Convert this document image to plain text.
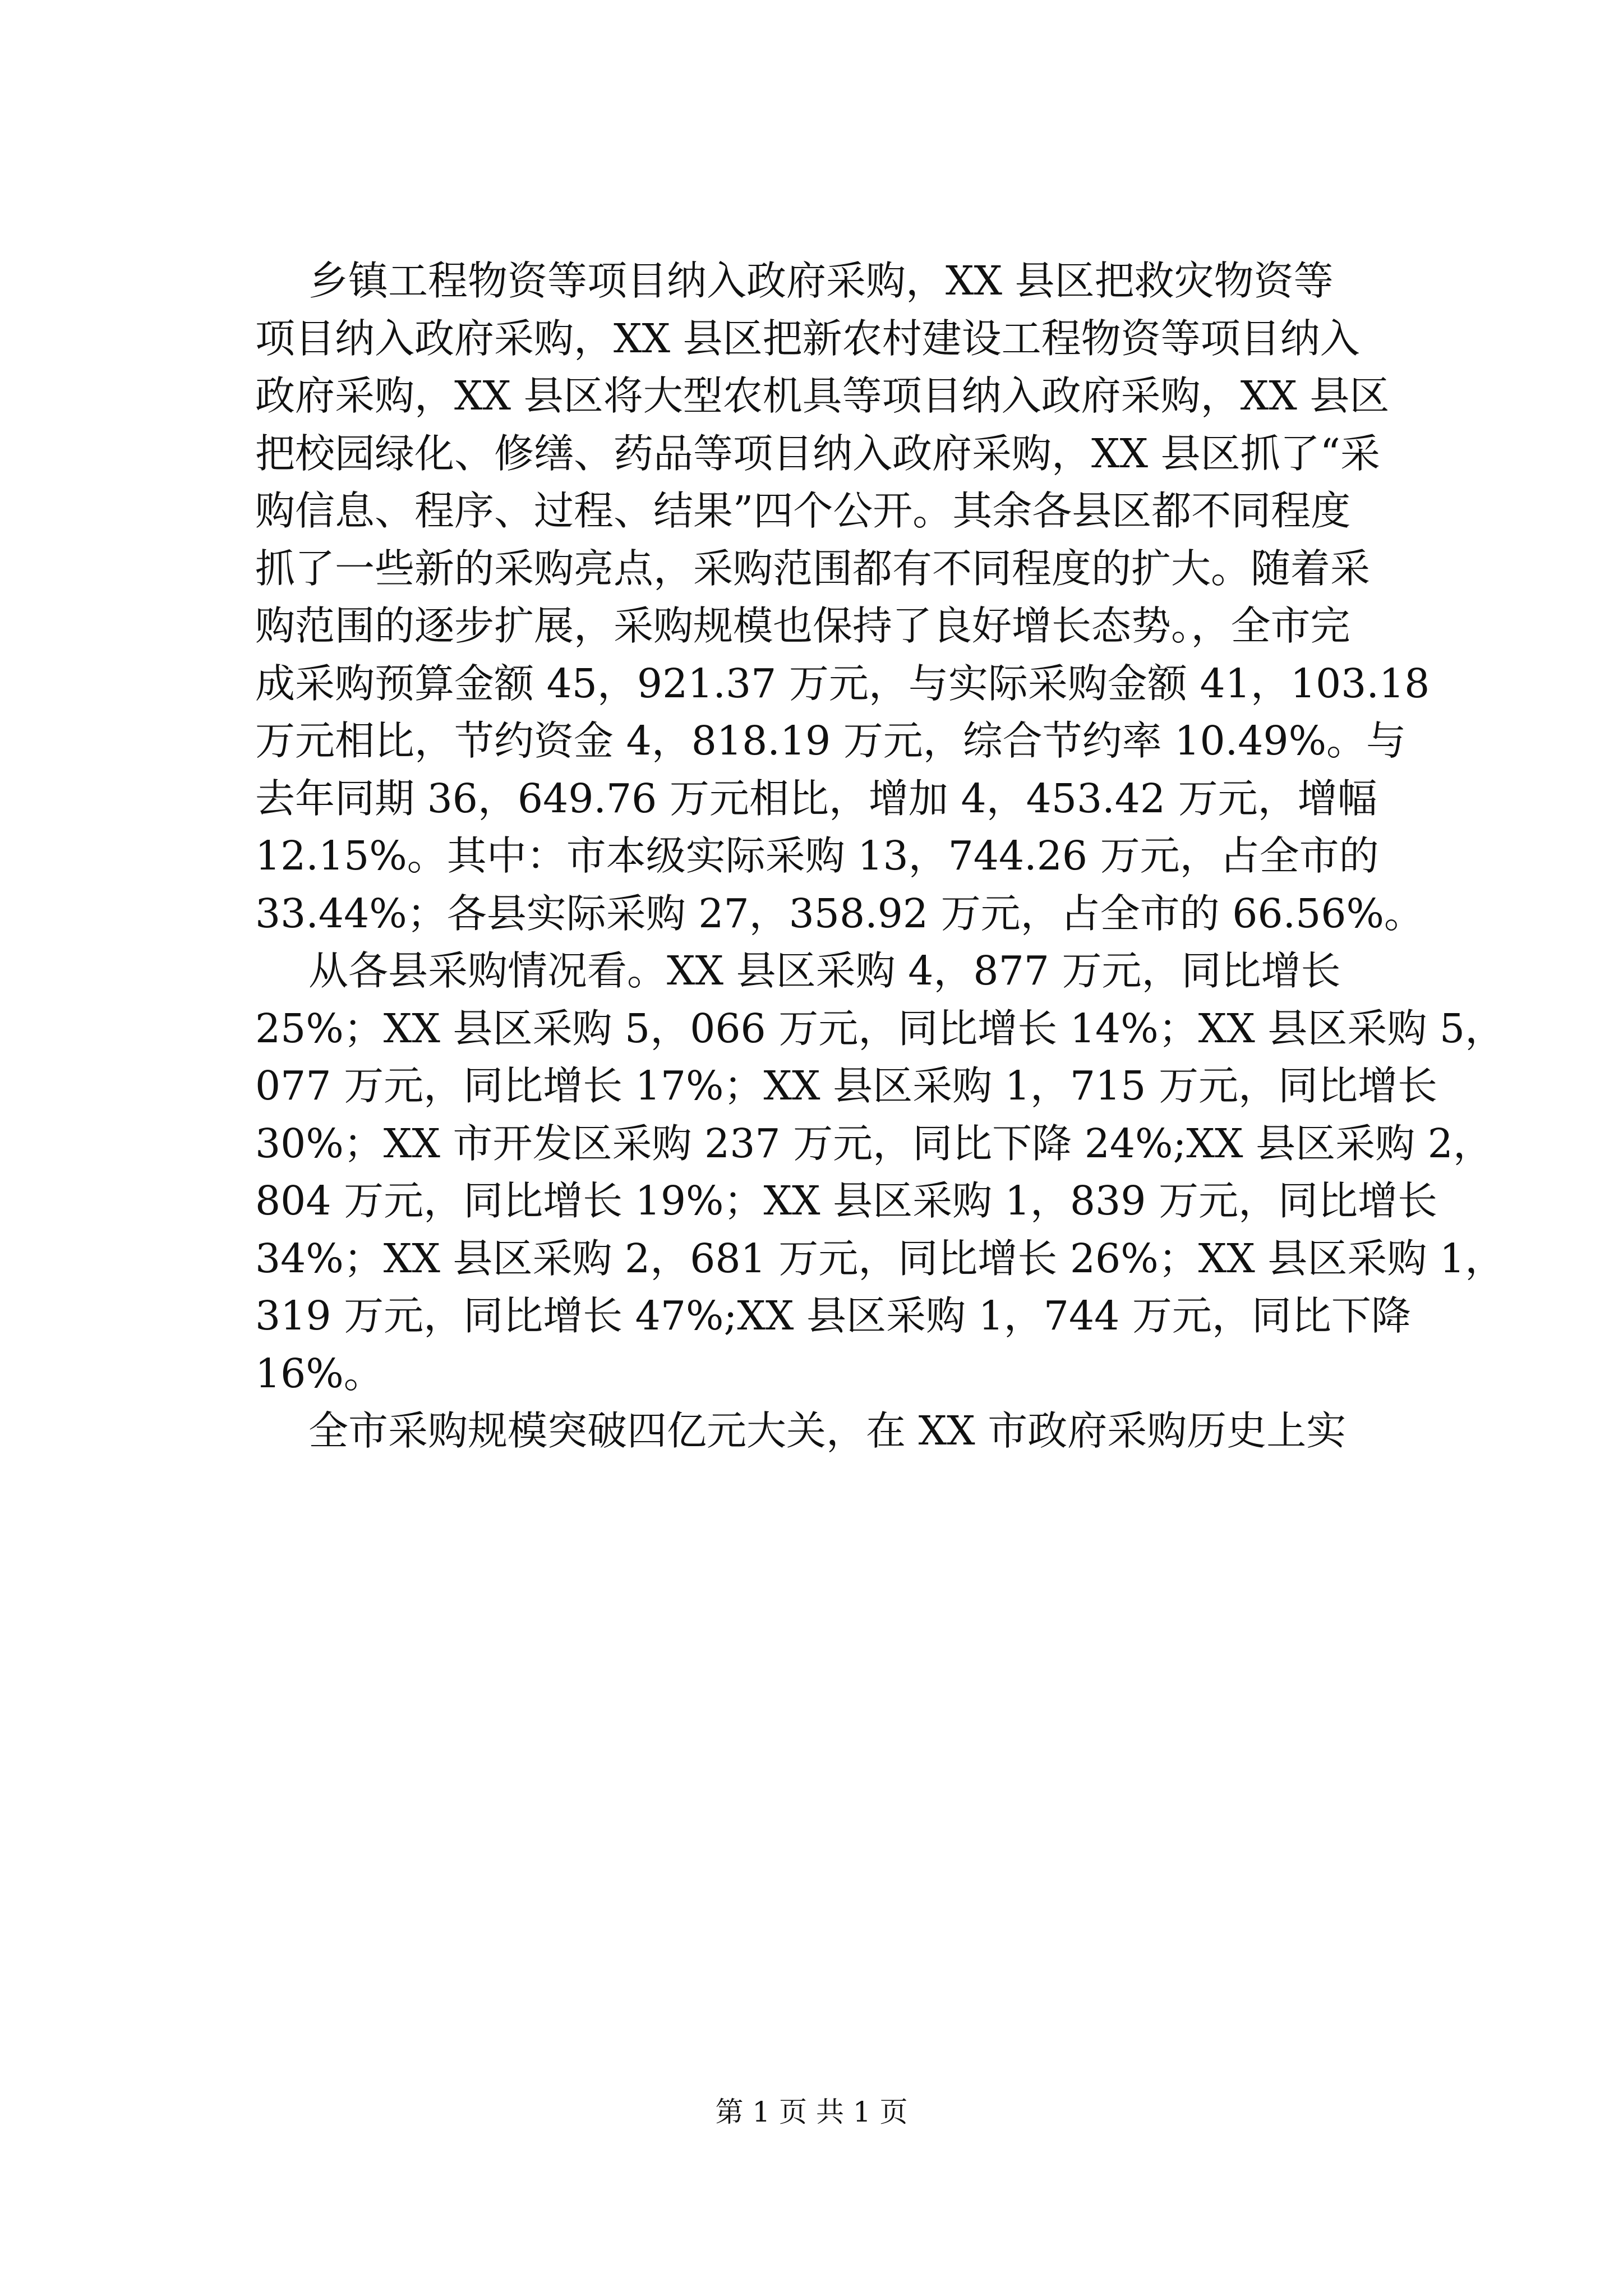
乡镇工程物资等项目纳入政府采购，XX 县区把救灾物资等
项目纳入政府采购，XX 县区把新农村建设工程物资等项目纳入
政府采购，XX 县区将大型农机具等项目纳入政府采购，XX 县区
把校园绿化、修缮、药品等项目纳入政府采购，XX 县区抓了“采
购信息、程序、过程、结果”四个公开。其余各县区都不同程度
抓了一些新的采购亮点，采购范围都有不同程度的扩大。随着采
购范围的逐步扩展，采购规模也保持了良好增长态势。，全市完
成采购预算金额 45，921.37 万元，与实际采购金额 41，103.18
万元相比，节约资金 4，818.19 万元，综合节约率 10.49%。与
去年同期 36，649.76 万元相比，增加 4，453.42 万元，增幅
12.15%。其中：市本级实际采购 13，744.26 万元，占全市的
33.44%；各县实际采购 27，358.92 万元，占全市的 66.56%。
从各县采购情况看。XX 县区采购 4，877 万元，同比增长
25%；XX 县区采购 5，066 万元，同比增长 14%；XX 县区采购 5，
077 万元，同比增长 17%；XX 县区采购 1，715 万元，同比增长
30%；XX 市开发区采购 237 万元，同比下降 24%;XX 县区采购 2，
804 万元，同比增长 19%；XX 县区采购 1，839 万元，同比增长
34%；XX 县区采购 2，681 万元，同比增长 26%；XX 县区采购 1，
319 万元，同比增长 47%;XX 县区采购 1，744 万元，同比下降
16%。
全市采购规模突破四亿元大关，在 XX 市政府采购历史上实
第 1 页 共 1 页
